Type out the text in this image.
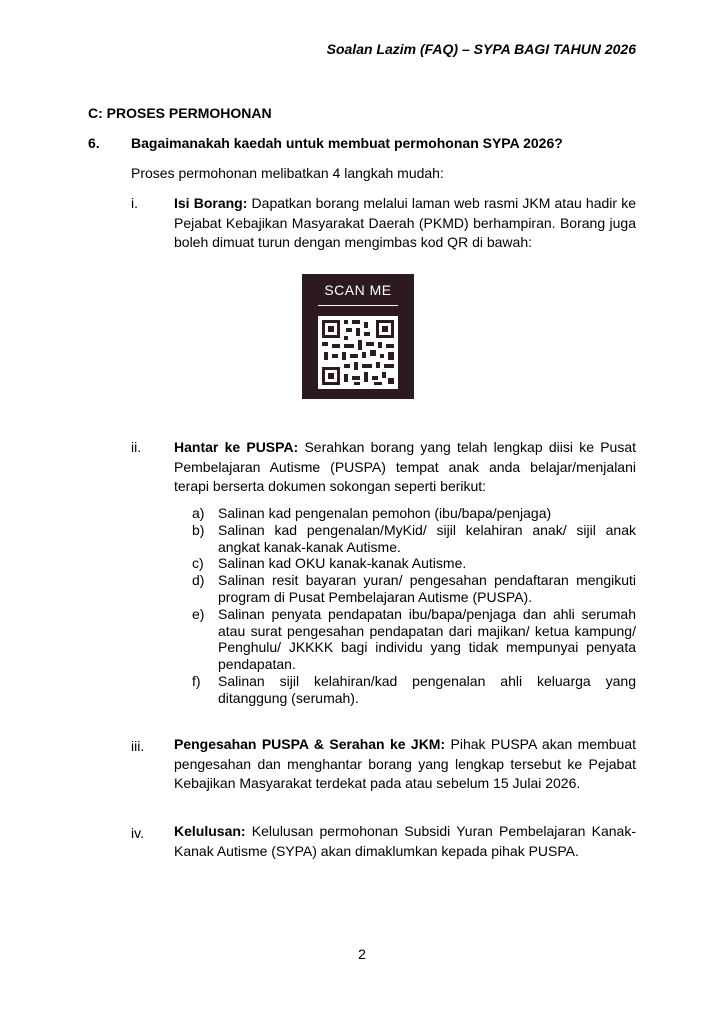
Soalan Lazim (FAQ) – SYPA BAGI TAHUN 2026
C: PROSES PERMOHONAN
6. Bagaimanakah kaedah untuk membuat permohonan SYPA 2026?
Proses permohonan melibatkan 4 langkah mudah:
i.	Isi Borang: Dapatkan borang melalui laman web rasmi JKM atau hadir ke Pejabat Kebajikan Masyarakat Daerah (PKMD) berhampiran. Borang juga boleh dimuat turun dengan mengimbas kod QR di bawah:
SCAN ME
ii. Hantar ke PUSPA: Serahkan borang yang telah lengkap diisi ke Pusat Pembelajaran Autisme (PUSPA) tempat anak anda belajar/menjalani terapi berserta dokumen sokongan seperti berikut:
a) Salinan kad pengenalan pemohon (ibu/bapa/penjaga)
b) Salinan kad pengenalan/MyKid/ sijil kelahiran anak/ sijil anak angkat kanak-kanak Autisme.
c)	Salinan kad OKU kanak-kanak Autisme.
d) Salinan resit bayaran yuran/ pengesahan pendaftaran mengikuti program di Pusat Pembelajaran Autisme (PUSPA).
e) Salinan penyata pendapatan ibu/bapa/penjaga dan ahli serumah atau surat pengesahan pendapatan dari majikan/ ketua kampung/ Penghulu/ JKKKK bagi individu yang tidak mempunyai penyata pendapatan.
f)	Salinan sijil kelahiran/kad pengenalan ahli keluarga yang ditanggung (serumah).
iii. Pengesahan PUSPA & Serahan ke JKM: Pihak PUSPA akan membuat pengesahan dan menghantar borang yang lengkap tersebut ke Pejabat Kebajikan Masyarakat terdekat pada atau sebelum 15 Julai 2026.
iv. Kelulusan: Kelulusan permohonan Subsidi Yuran Pembelajaran Kanak-Kanak Autisme (SYPA) akan dimaklumkan kepada pihak PUSPA.
2
